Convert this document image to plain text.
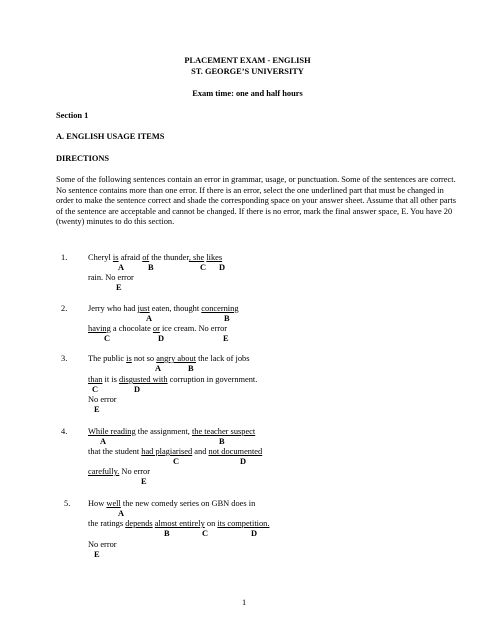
PLACEMENT EXAM - ENGLISH
ST. GEORGE’S UNIVERSITY
Exam time: one and half hours
Section 1
A. ENGLISH USAGE ITEMS
DIRECTIONS
Some of the following sentences contain an error in grammar, usage, or punctuation. Some of the sentences are correct. No sentence contains more than one error. If there is an error, select the one underlined part that must be changed in order to make the sentence correct and shade the corresponding space on your answer sheet. Assume that all other parts of the sentence are acceptable and cannot be changed. If there is no error, mark the final answer space, E. You have 20 (twenty) minutes to do this section.
1. Cheryl is afraid of the thunder, she likes
A	B	C D
rain. No error
E
2. Jerry who had just eaten, thought concerning
A	B
having a chocolate or ice cream. No error
C	D	E
3. The public is not so angry about the lack of jobs
A	B
than it is disgusted with corruption in government.
C	D
No error
E
4. While reading the assignment, the teacher suspect
A	B
that the student had plagiarised and not documented
C	D
carefully. No error
E
5. How well the new comedy series on GBN does in
A
the ratings depends almost entirely on its competition.
B	C	D
No error
E
1
